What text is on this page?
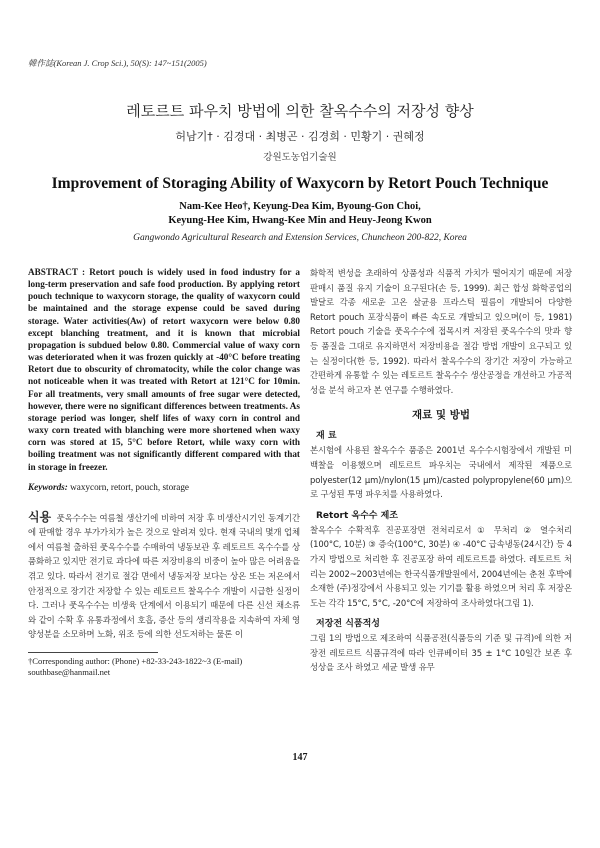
韓作誌(Korean J. Crop Sci.), 50(S): 147~151(2005)
레토르트 파우치 방법에 의한 찰옥수수의 저장성 향상
허남기† · 김경대 · 최병곤 · 김경희 · 민황기 · 권혜정
강원도농업기술원
Improvement of Storaging Ability of Waxycorn by Retort Pouch Technique
Nam-Kee Heo†, Keyung-Dea Kim, Byoung-Gon Choi,
Keyung-Hee Kim, Hwang-Kee Min and Heuy-Jeong Kwon
Gangwondo Agricultural Research and Extension Services, Chuncheon 200-822, Korea

ABSTRACT : Retort pouch is widely used in food industry for a long-term preservation and safe food production. By applying retort pouch technique to waxycorn storage, the quality of waxycorn could be maintained and the storage expense could be saved during storage. Water activities(Aw) of retort waxycorn were below 0.80 except blanching treatment, and it is known that microbial propagation is subdued below 0.80. Commercial value of waxy corn was deteriorated when it was frozen quickly at -40°C before treating Retort due to obscurity of chromatocity, while the color change was not noticeable when it was treated with Retort at 121°C for 10min. For all treatments, very small amounts of free sugar were detected, however, there were no significant differences between treatments. As storage period was longer, shelf lifes of waxy corn in control and waxy corn treated with blanching were more shortened when waxy corn was stored at 15, 5°C before Retort, while waxy corn with boiling treatment was not significantly different compared with that in storage in freezer.

Keywords: waxycorn, retort, pouch, storage

식용 풋옥수수는 여름철 생산기에 비하여 저장 후 비생산시기인 동계기간에 판매할 경우 부가가치가 높은 것으로 알려져 있다. 현재 국내의 몇개 업체에서 여름철 출하된 풋옥수수를 수매하여 냉동보관 후 레토르트 옥수수를 상품화하고 있지만 전기료 과다에 따른 저장비용의 비중이 높아 많은 어려움을 겪고 있다. 따라서 전기료 절감 면에서 냉동저장 보다는 상온 또는 저온에서 안정적으로 장기간 저장할 수 있는 레토르트 찰옥수수 개발이 시급한 실정이다. 그러나 풋옥수수는 비생육 단계에서 이용되기 때문에 다른 신선 채소류와 같이 수확 후 유통과정에서 호흡, 증산 등의 생리작용을 지속하여 자체 영양성분을 소모하며 노화, 위조 등에 의한 선도저하는 물론 이

†Corresponding author: (Phone) +82-33-243-1822~3 (E-mail) southbase@hanmail.net

화학적 변성을 초래하여 상품성과 식품적 가치가 떨어지기 때문에 저장 판매시 품질 유지 기술이 요구된다(손 등, 1999). 최근 합성 화학공업의 발달로 각종 새로운 고온 살균용 프라스틱 필름이 개발되어 다양한 Retort pouch 포장식품이 빠른 속도로 개발되고 있으며(이 등, 1981) Retort pouch 기술을 풋옥수수에 접목시켜 저장된 풋옥수수의 맛과 향 등 품질을 그대로 유지하면서 저장비용을 절감 방법 개발이 요구되고 있는 실정이다(한 등, 1992). 따라서 찰옥수수의 장기간 저장이 가능하고 간편하게 유통할 수 있는 레토르트 찰옥수수 생산공정을 개선하고 가공적성을 분석 하고자 본 연구를 수행하였다.

재료 및 방법
재 료

본시험에 사용된 찰옥수수 품종은 2001년 옥수수시험장에서 개발된 미백찰을 이용했으며 레토르트 파우치는 국내에서 제작된 제품으로 polyester(12 μm)/nylon(15 μm)/casted polypropylene(60 μm)으로 구성된 투명 파우치를 사용하였다.

Retort 옥수수 제조

찰옥수수 수확적후 진공포장면 전처리로서 ① 무처리 ② 열수처리(100°C, 10분) ③ 증숙(100°C, 30분) ④ -40°C 급속냉동(24시간) 등 4가지 방법으로 처리한 후 진공포장 하여 레토르트를 하였다. 레토르트 처리는 2002~2003년에는 한국식품개발원에서, 2004년에는 춘천 후박에 소재한 (주)정강에서 사용되고 있는 기기를 활용 하였으며 처리 후 저장온도는 각각 15°C, 5°C, -20°C에 저장하여 조사하였다(그림 1).

저장전 식품적성

그림 1의 방법으로 제조하여 식품공전(식품등의 기준 및 규격)에 의한 저장전 레토르트 식품규격에 따라 인큐베이터 35 ± 1°C 10일간 보존 후 성상을 조사 하였고 세균 발생 유무

147
